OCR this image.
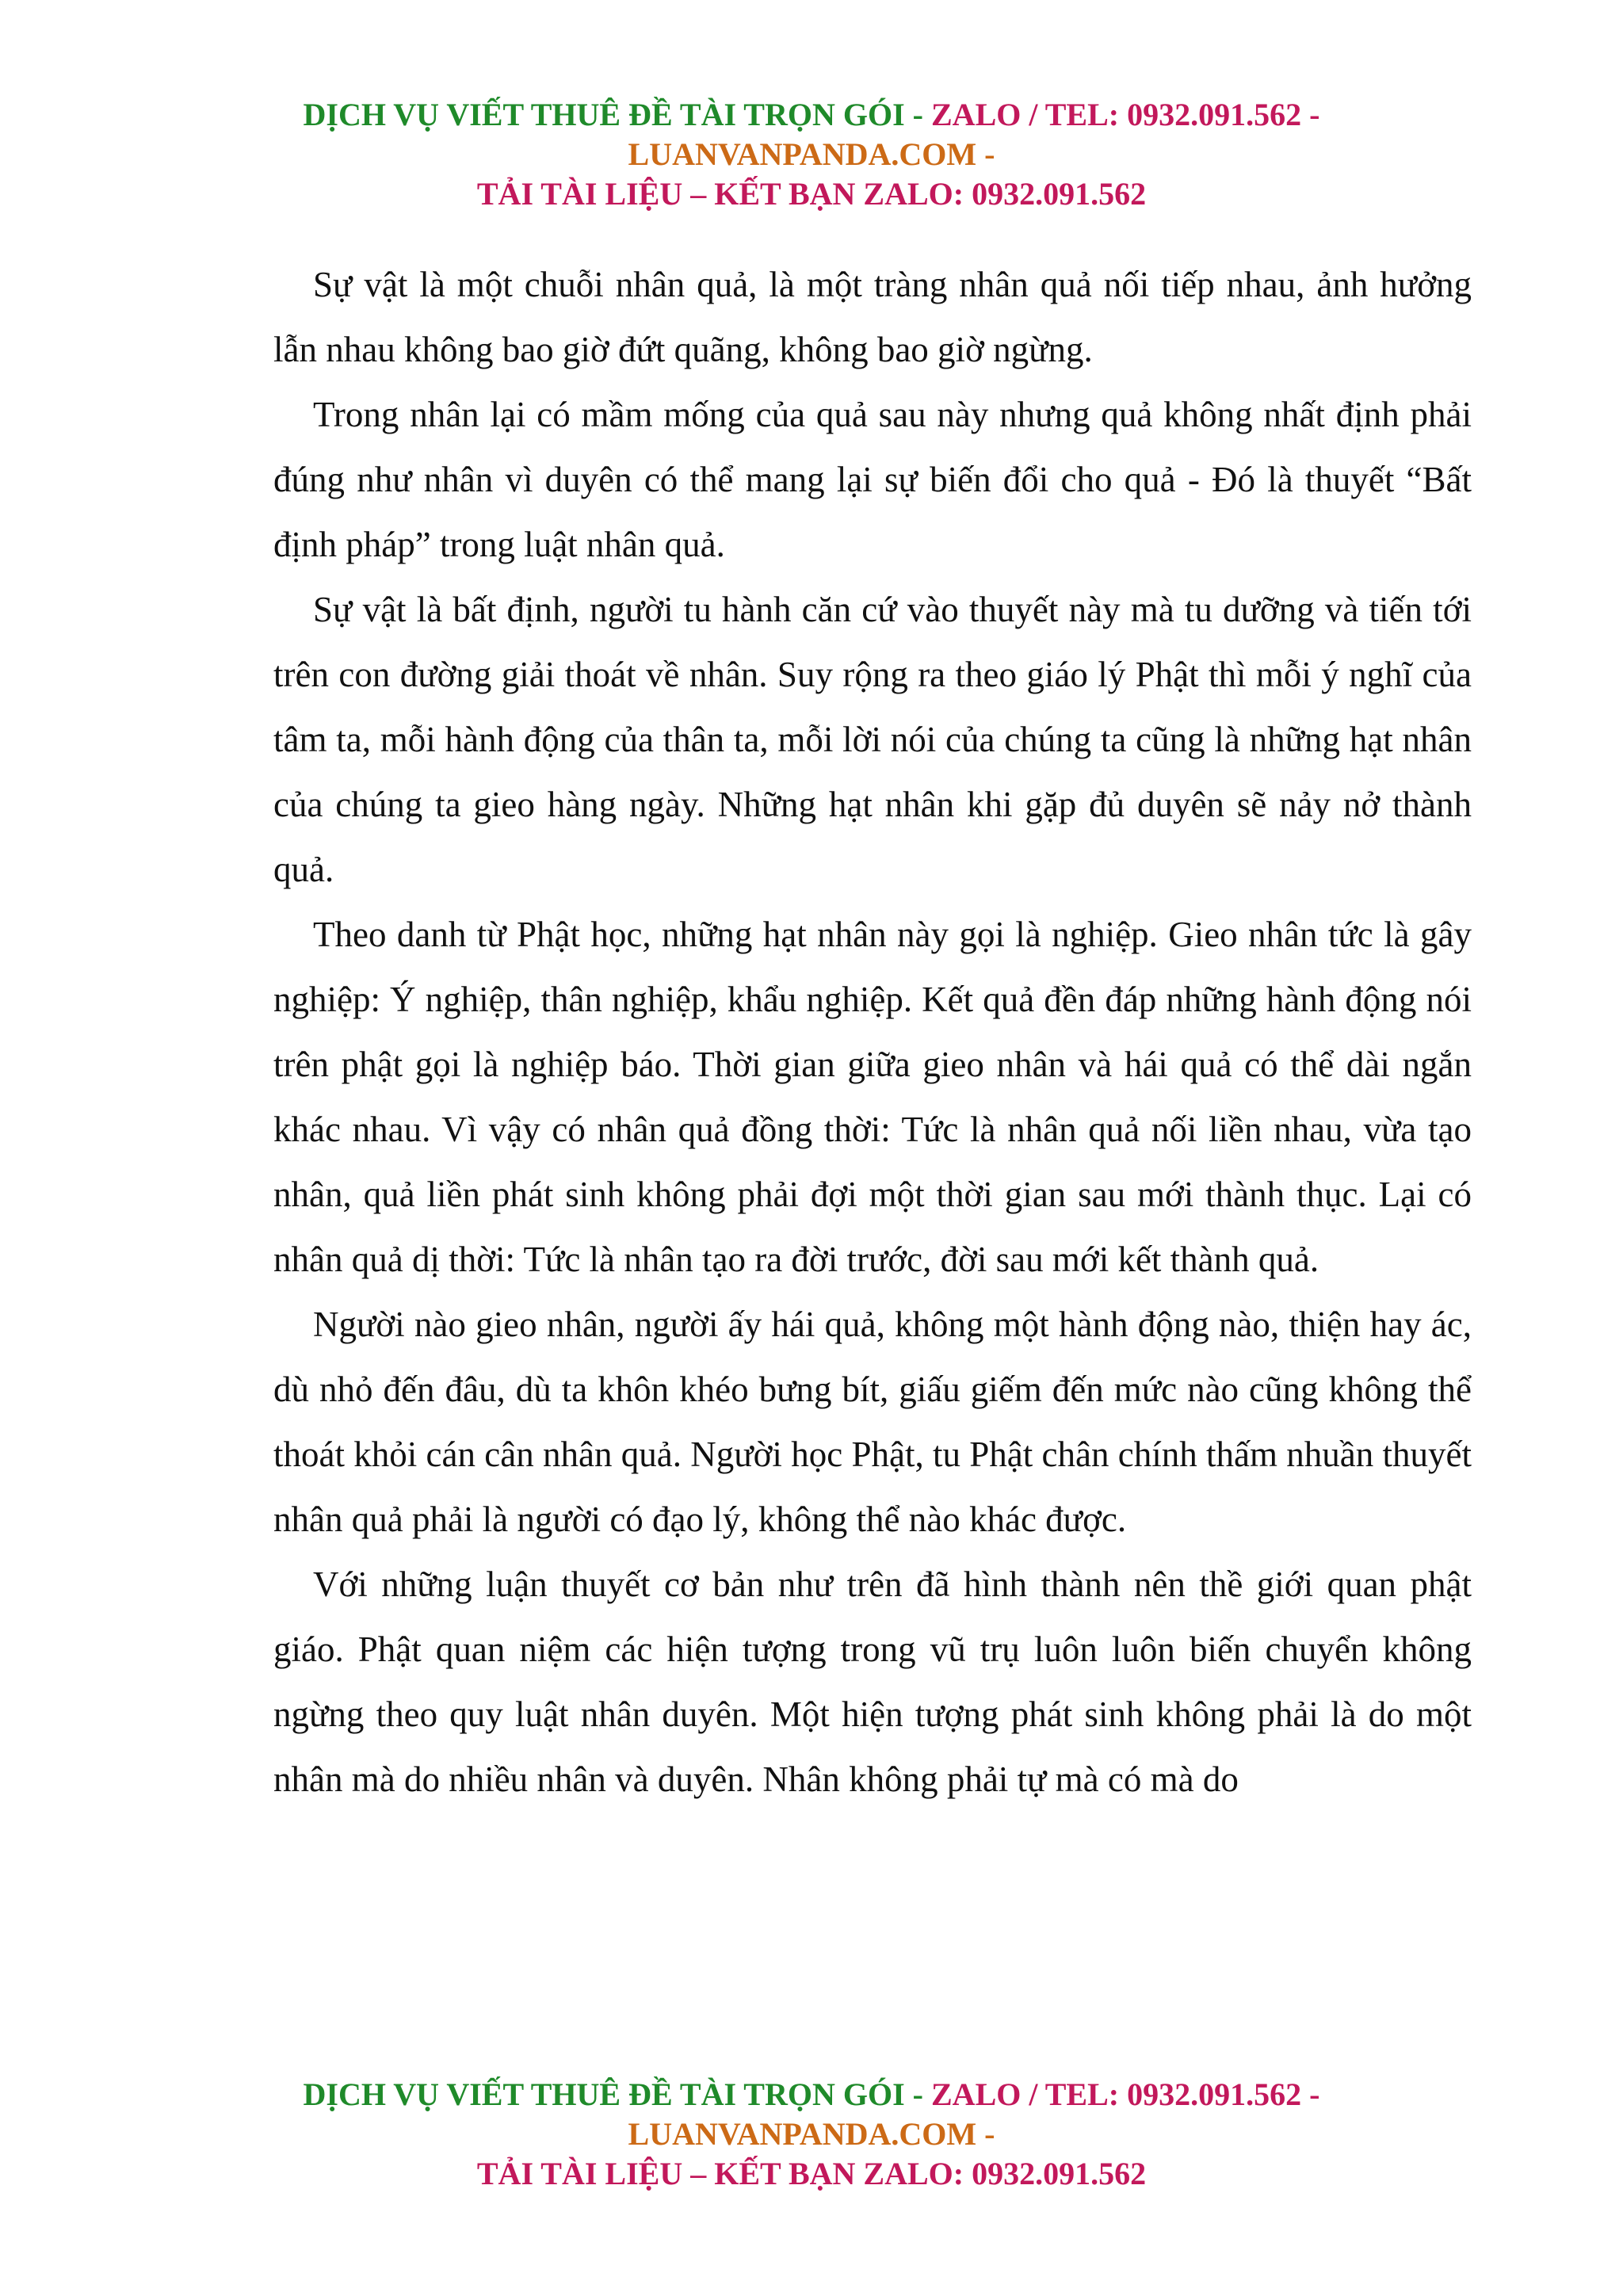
DỊCH VỤ VIẾT THUÊ ĐỀ TÀI TRỌN GÓI - ZALO / TEL: 0932.091.562 -
LUANVANPANDA.COM -
TẢI TÀI LIỆU – KẾT BẠN ZALO: 0932.091.562

Sự vật là một chuỗi nhân quả, là một tràng nhân quả nối tiếp nhau, ảnh hưởng lẫn nhau không bao giờ đứt quãng, không bao giờ ngừng.

Trong nhân lại có mầm mống của quả sau này nhưng quả không nhất định phải đúng như nhân vì duyên có thể mang lại sự biến đổi cho quả - Đó là thuyết “Bất định pháp” trong luật nhân quả.

Sự vật là bất định, người tu hành căn cứ vào thuyết này mà tu dưỡng và tiến tới trên con đường giải thoát về nhân. Suy rộng ra theo giáo lý Phật thì mỗi ý nghĩ của tâm ta, mỗi hành động của thân ta, mỗi lời nói của chúng ta cũng là những hạt nhân của chúng ta gieo hàng ngày. Những hạt nhân khi gặp đủ duyên sẽ nảy nở thành quả.

Theo danh từ Phật học, những hạt nhân này gọi là nghiệp. Gieo nhân tức là gây nghiệp: Ý nghiệp, thân nghiệp, khẩu nghiệp. Kết quả đền đáp những hành động nói trên phật gọi là nghiệp báo. Thời gian giữa gieo nhân và hái quả có thể dài ngắn khác nhau. Vì vậy có nhân quả đồng thời: Tức là nhân quả nối liền nhau, vừa tạo nhân, quả liền phát sinh không phải đợi một thời gian sau mới thành thục. Lại có nhân quả dị thời: Tức là nhân tạo ra đời trước, đời sau mới kết thành quả.

Người nào gieo nhân, người ấy hái quả, không một hành động nào, thiện hay ác, dù nhỏ đến đâu, dù ta khôn khéo bưng bít, giấu giếm đến mức nào cũng không thể thoát khỏi cán cân nhân quả. Người học Phật, tu Phật chân chính thấm nhuần thuyết nhân quả phải là người có đạo lý, không thể nào khác được.

Với những luận thuyết cơ bản như trên đã hình thành nên thề giới quan phật giáo. Phật quan niệm các hiện tượng trong vũ trụ luôn luôn biến chuyển không ngừng theo quy luật nhân duyên. Một hiện tượng phát sinh không phải là do một nhân mà do nhiều nhân và duyên. Nhân không phải tự mà có mà do

DỊCH VỤ VIẾT THUÊ ĐỀ TÀI TRỌN GÓI - ZALO / TEL: 0932.091.562 -
LUANVANPANDA.COM -
TẢI TÀI LIỆU – KẾT BẠN ZALO: 0932.091.562
